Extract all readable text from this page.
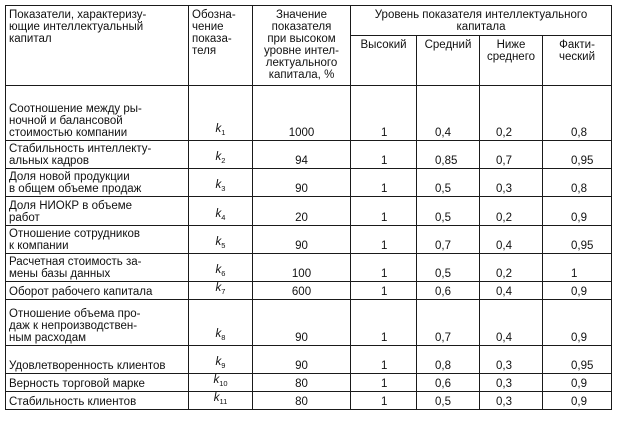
Показатели, характеризу-
ющие интеллектуальный
капитал	Обозна-чение
показа-
теля	Значение показателя
при высоком
уровне интел-
лектуального
капитала, %	Уровень показателя интеллектуального капитала			
			Высокий	Средний	Ниже среднего	Факти-ческий
Соотношение между ры-
ночной и балансовой
стоимостью компании	$k_1$	1000	1	0,4	0,2	0,8
Стабильность интеллекту-
альных кадров	$k_2$	94	1	0,85	0,7	0,95
Доля новой продукции
в общем объеме продаж	$k_3$	90	1	0,5	0,3	0,8
Доля НИОКР в объеме
работ	$k_4$	20	1	0,5	0,2	0,9
Отношение сотрудников
к компании	$k_5$	90	1	0,7	0,4	0,95
Расчетная стоимость за-
мены базы данных	$k_6$	100	1	0,5	0,2	1
Оборот рабочего капитала	$k_7$	600	1	0,6	0,4	0,9
Отношение объема про-
даж к непроизводствен-
ным расходам	$k_8$	90	1	0,7	0,4	0,9
Удовлетворенность клиентов	$k_9$	90	1	0,8	0,3	0,95
Верность торговой марке	$k_{10}$	80	1	0,6	0,3	0,9
Стабильность клиентов	$k_{11}$	80	1	0,5	0,3	0,9
